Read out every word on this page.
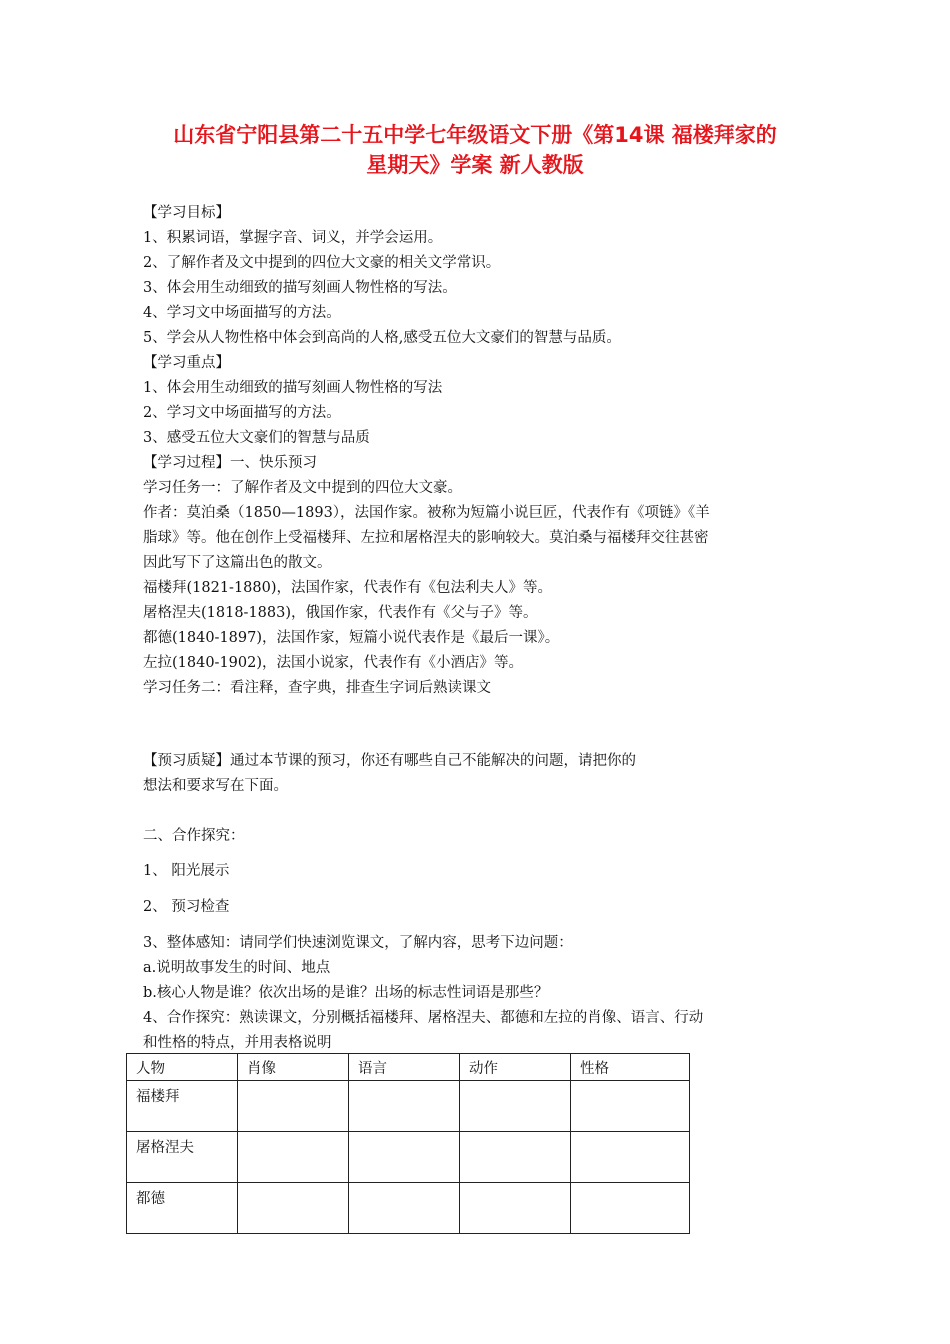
山东省宁阳县第二十五中学七年级语文下册《第14课 福楼拜家的
星期天》学案 新人教版
【学习目标】
1、积累词语，掌握字音、词义，并学会运用。
2、了解作者及文中提到的四位大文豪的相关文学常识。
3、体会用生动细致的描写刻画人物性格的写法。
4、学习文中场面描写的方法。
5、学会从人物性格中体会到高尚的人格,感受五位大文豪们的智慧与品质。
【学习重点】
1、体会用生动细致的描写刻画人物性格的写法
2、学习文中场面描写的方法。
3、感受五位大文豪们的智慧与品质
【学习过程】一、快乐预习
学习任务一：了解作者及文中提到的四位大文豪。
作者：莫泊桑（1850—1893），法国作家。被称为短篇小说巨匠，代表作有《项链》《羊
脂球》等。他在创作上受福楼拜、左拉和屠格涅夫的影响较大。莫泊桑与福楼拜交往甚密
因此写下了这篇出色的散文。
福楼拜(1821-1880)，法国作家，代表作有《包法利夫人》等。
屠格涅夫(1818-1883)，俄国作家，代表作有《父与子》等。
都德(1840-1897)，法国作家，短篇小说代表作是《最后一课》。
左拉(1840-1902)，法国小说家，代表作有《小酒店》等。
学习任务二：看注释，查字典，排查生字词后熟读课文
【预习质疑】通过本节课的预习，你还有哪些自己不能解决的问题，请把你的
想法和要求写在下面。
二、合作探究：
1、 阳光展示
2、 预习检查
3、整体感知：请同学们快速浏览课文，了解内容，思考下边问题：
a.说明故事发生的时间、地点
b.核心人物是谁？依次出场的是谁？出场的标志性词语是那些？
4、合作探究：熟读课文，分别概括福楼拜、屠格涅夫、都德和左拉的肖像、语言、行动
和性格的特点，并用表格说明
人物	肖像	语言	动作	性格
福楼拜				
屠格涅夫				
都德				
